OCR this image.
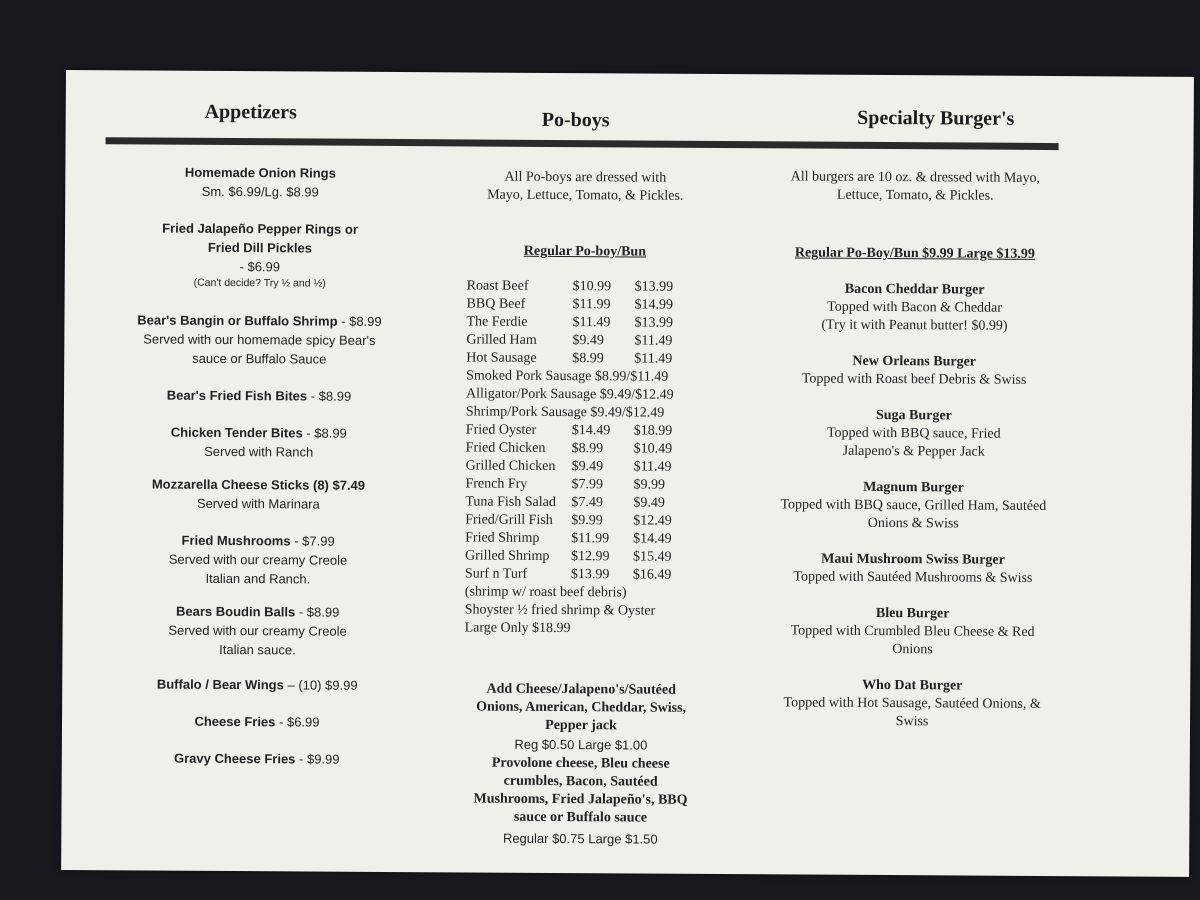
Appetizers	Po-boys	Specialty Burger's
Homemade Onion Rings
Sm. $6.99/Lg. $8.99
Fried Jalapeño Pepper Rings or Fried Dill Pickles
- $6.99
(Can't decide? Try ½ and ½)
Bear's Bangin or Buffalo Shrimp - $8.99
Served with our homemade spicy Bear's sauce or Buffalo Sauce
Bear's Fried Fish Bites - $8.99
Chicken Tender Bites - $8.99
Served with Ranch
Mozzarella Cheese Sticks (8) $7.49
Served with Marinara
Fried Mushrooms - $7.99
Served with our creamy Creole Italian and Ranch.
Bears Boudin Balls - $8.99
Served with our creamy Creole Italian sauce.
Buffalo / Bear Wings – (10) $9.99
Cheese Fries - $6.99
Gravy Cheese Fries - $9.99
All Po-boys are dressed with Mayo, Lettuce, Tomato, & Pickles.
Regular Po-boy/Bun
Roast Beef	$10.99 $13.99
BBQ Beef	$11.99 $14.99
The Ferdie	$11.49 $13.99
Grilled Ham	$9.49 $11.49
Hot Sausage	$8.99 $11.49
Smoked Pork Sausage $8.99/$11.49
Alligator/Pork Sausage $9.49/$12.49
Shrimp/Pork Sausage $9.49/$12.49
Fried Oyster	$14.49 $18.99
Fried Chicken $8.99 $10.49
Grilled Chicken $9.49 $11.49
French Fry	$7.99 $9.99
Tuna Fish Salad $7.49 $9.49
Fried/Grill Fish $9.99 $12.49
Fried Shrimp $11.99 $14.49
Grilled Shrimp $12.99 $15.49
Surf n Turf	$13.99 $16.49
(shrimp w/ roast beef debris)
Shoyster ½ fried shrimp & Oyster
Large Only $18.99
Add Cheese/Jalapeno's/Sautéed Onions, American, Cheddar, Swiss, Pepper jack
Reg $0.50 Large $1.00
Provolone cheese, Bleu cheese crumbles, Bacon, Sautéed Mushrooms, Fried Jalapeño's, BBQ sauce or Buffalo sauce
Regular $0.75 Large $1.50
All burgers are 10 oz. & dressed with Mayo, Lettuce, Tomato, & Pickles.
Regular Po-Boy/Bun $9.99 Large $13.99
Bacon Cheddar Burger
Topped with Bacon & Cheddar
(Try it with Peanut butter! $0.99)
New Orleans Burger
Topped with Roast beef Debris & Swiss
Suga Burger
Topped with BBQ sauce, Fried Jalapeno's & Pepper Jack
Magnum Burger
Topped with BBQ sauce, Grilled Ham, Sautéed Onions & Swiss
Maui Mushroom Swiss Burger
Topped with Sautéed Mushrooms & Swiss
Bleu Burger
Topped with Crumbled Bleu Cheese & Red Onions
Who Dat Burger
Topped with Hot Sausage, Sautéed Onions, & Swiss
